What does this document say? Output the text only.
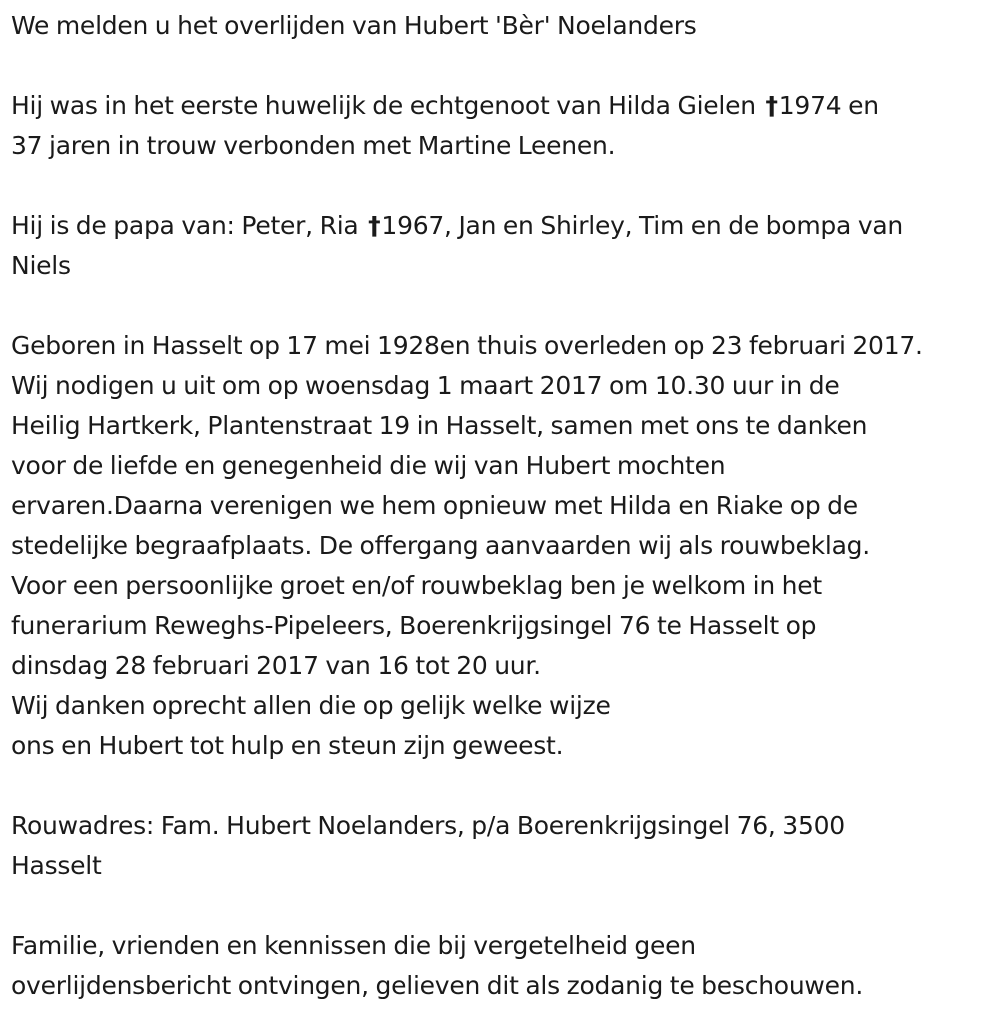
We melden u het overlijden van Hubert 'Bèr' Noelanders
Hij was in het eerste huwelijk de echtgenoot van Hilda Gielen †1974 en
37 jaren in trouw verbonden met Martine Leenen.
Hij is de papa van: Peter, Ria †1967, Jan en Shirley, Tim en de bompa van
Niels
Geboren in Hasselt op 17 mei 1928en thuis overleden op 23 februari 2017.
Wij nodigen u uit om op woensdag 1 maart 2017 om 10.30 uur in de
Heilig Hartkerk, Plantenstraat 19 in Hasselt, samen met ons te danken
voor de liefde en genegenheid die wij van Hubert mochten
ervaren.Daarna verenigen we hem opnieuw met Hilda en Riake op de
stedelijke begraafplaats. De offergang aanvaarden wij als rouwbeklag.
Voor een persoonlijke groet en/of rouwbeklag ben je welkom in het
funerarium Reweghs-Pipeleers, Boerenkrijgsingel 76 te Hasselt op
dinsdag 28 februari 2017 van 16 tot 20 uur.
Wij danken oprecht allen die op gelijk welke wijze
ons en Hubert tot hulp en steun zijn geweest.
Rouwadres: Fam. Hubert Noelanders, p/a Boerenkrijgsingel 76, 3500
Hasselt
Familie, vrienden en kennissen die bij vergetelheid geen
overlijdensbericht ontvingen, gelieven dit als zodanig te beschouwen.
